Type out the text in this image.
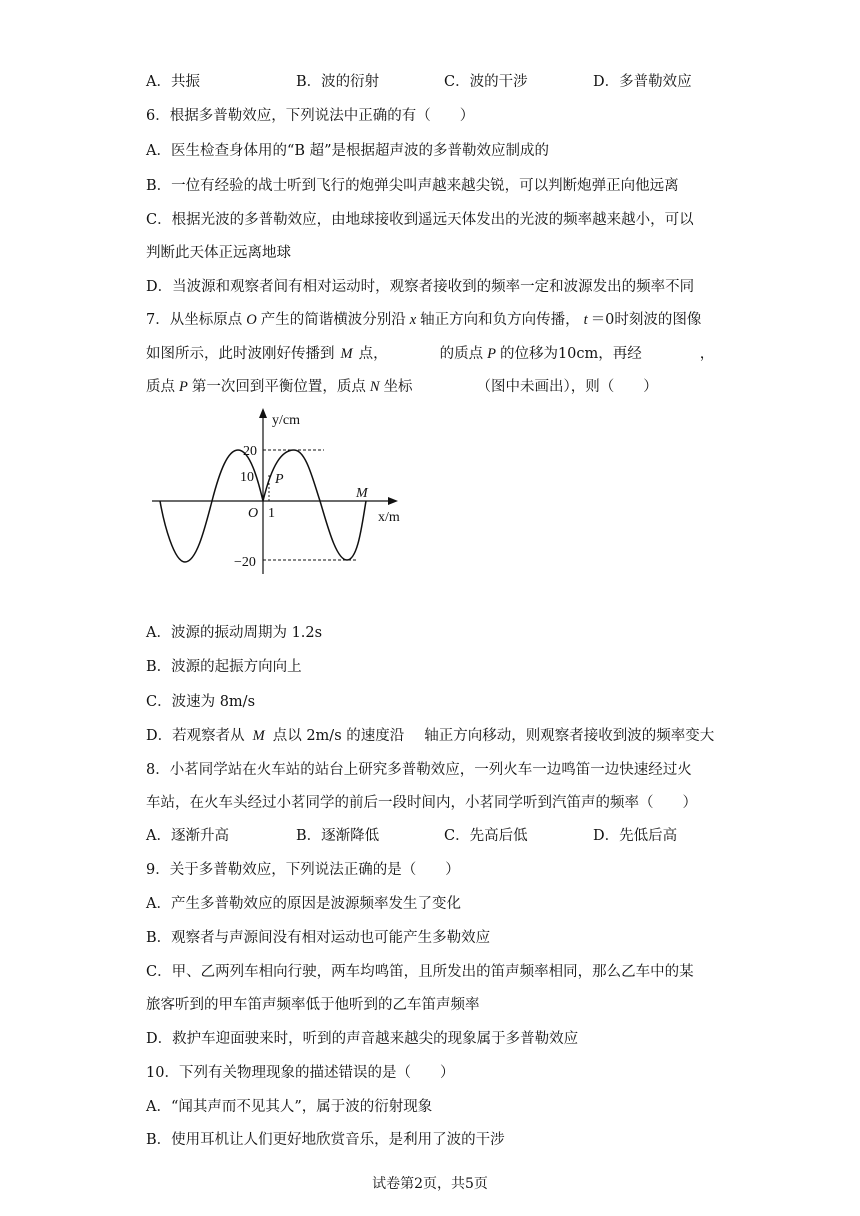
A．共振	B．波的衍射	C．波的干涉	D．多普勒效应
6．根据多普勒效应，下列说法中正确的有（　　）
A．医生检查身体用的“B 超”是根据超声波的多普勒效应制成的
B．一位有经验的战士听到飞行的炮弹尖叫声越来越尖锐，可以判断炮弹正向他远离
C．根据光波的多普勒效应，由地球接收到遥远天体发出的光波的频率越来越小，可以
判断此天体正远离地球
D．当波源和观察者间有相对运动时，观察者接收到的频率一定和波源发出的频率不同
7．从坐标原点 O 产生的简谐横波分别沿 x 轴正方向和负方向传播， t ＝0时刻波的图像
如图所示，此时波刚好传播到 M 点，	的质点 P 的位移为10cm，再经	，
质点 P 第一次回到平衡位置，质点 N 坐标	（图中未画出），则（　　）
y/cm
x/m
20
10
−20
O 1
P
M
A．波源的振动周期为 1.2s
B．波源的起振方向向上
C．波速为 8m/s
D．若观察者从 M 点以 2m/s 的速度沿 轴正方向移动，则观察者接收到波的频率变大
8．小茗同学站在火车站的站台上研究多普勒效应，一列火车一边鸣笛一边快速经过火
车站，在火车头经过小茗同学的前后一段时间内，小茗同学听到汽笛声的频率（　　）
A．逐渐升高	B．逐渐降低	C．先高后低	D．先低后高
9．关于多普勒效应，下列说法正确的是（　　）
A．产生多普勒效应的原因是波源频率发生了变化
B．观察者与声源间没有相对运动也可能产生多勒效应
C．甲、乙两列车相向行驶，两车均鸣笛，且所发出的笛声频率相同，那么乙车中的某
旅客听到的甲车笛声频率低于他听到的乙车笛声频率
D．救护车迎面驶来时，听到的声音越来越尖的现象属于多普勒效应
10．下列有关物理现象的描述错误的是（　　）
A．“闻其声而不见其人”，属于波的衍射现象
B．使用耳机让人们更好地欣赏音乐，是利用了波的干涉
试卷第2页，共5页
